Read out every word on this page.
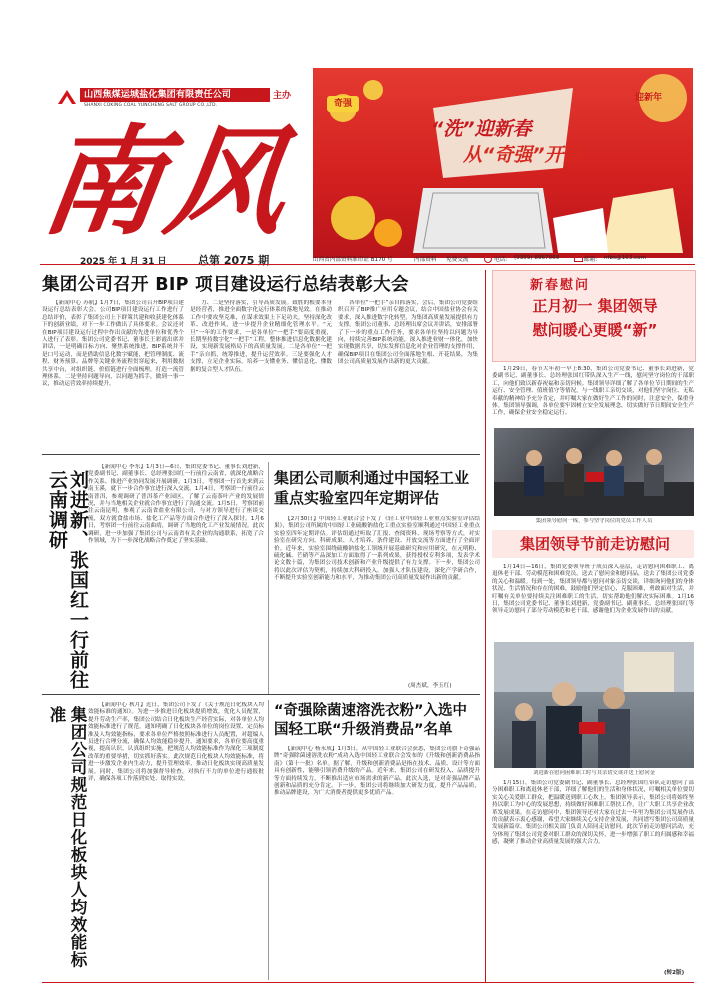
山西焦煤运城盐化集团有限责任公司
SHANXI COKING COAL YUNCHENG SALT GROUP CO.,LTD.
主办
南风
奇强
迎新年
“洗”迎新春
从“奇强”开始
2025 年 1 月 31 日	总第 2075 期	山西省内部资料准印证 B170 号	内部资料 免费交流	电话: (0359) 8967069	邮箱: nfbs@163.com
集团公司召开 BIP 项目建设运行总结表彰大会

【新闻中心 苏航】1月7日，集团公司召开BIP项目建设运行总结表彰大会。公司BIP项目建设运行工作进行了总结评价，表彰了集团公司上下群策共建和收获建化体系下的创新业绩，对下一步工作做出了具体要求。会议还对在BIP项目建设运行过程中作出贡献的先进单位和优秀个人进行了表彰。集团公司党委书记、董事长王彩霞出席并讲话，一是明确目标方向、聚焦系统推进，BIP系统并不是口号运动，而是借助信息化数字赋能，把管理制度、流程、财务预算、品牌等关键业务流程贯穿起来，利用数据共享中台，对组织链、价值链进行全面梳理，打造一流管理体系。二是坚持问题导向，以问题为抓手，做到一事一议，推动运营效率持续提升。

力、二是坚持落实，引导高质发展。致胜的根要本身是经营者，推进全面数字化运行体系的落地见效。在推动工作中要攻坚克难，在谋求效果上下足功夫，坚持深化改革、改进作风，进一步提升企业精细化管理水平。“元旦”一年的工作要求，一是各单位“一把手”要高度重视，长期坚持数字化“一把手”工程，整体推进信息化数据化建设，实现新发展格局下的高质量发展。二是各单位“一把手”亲自抓，统筹推进，提升运营效率。三是要强化人才支撑，立足企业实际，培养一支懂业务、懂信息化、懂数据的复合型人才队伍。

各单位“一把手”亲自抓落实，会后，集团公司党委组织召开了BIP推广应用专题会议，结合中国盐业协会有关要求，深入推进数字化转型，为集团高质量发展提供有力支撑。集团公司董事、总经理出席会议并讲话，安排部署了下一步的重点工作任务，要求各单位坚持以问题为导向，持续完善BIP系统功能，深入推进业财一体化，加快实现数据共享，切实发挥信息化对企业管理的支撑作用，确保BIP项目在集团公司全面落地生根、开花结果，为集团公司高质量发展作出新的更大贡献。

刘进新、张国红一行前往云南调研

【新闻中心 李东】1月3日—6日，集团党委书记、董事长刘进新，党委副书记、副董事长、总经理张国红一行前往云南省，就深化战略合作关系、推进产业协同发展开展调研。1月3日，考察团一行首先来到云南玉溪，就下一步合作事宜进行深入交流。1月4日，考察团一行前往云南普洱，参观调研了普洱茶产业园区，了解了云南茶叶产业的发展情况，并与当地相关企业就合作事宜进行了沟通交流。1月5日，考察团前往云南昆明，参观了云南省盐业有限公司，与对方领导进行了座谈交流，双方就食盐市场、盐化工产品等方面合作进行了深入探讨。1月6日，考察团一行前往云南曲靖，调研了当地的化工产业发展情况。此次调研，进一步加强了集团公司与云南省有关企业的沟通联系，拓宽了合作领域，为下一步深化战略合作奠定了坚实基础。

集团公司顺利通过中国轻工业重点实验室四年定期评估

【2月30日】中国轻工业联合会下发了《轻工业中国轻工业重点实验室评估结果》，集团公司所属的中国轻工业硫酸钠盐化工重点实验室顺利通过中国轻工业重点实验室四年定期评估。评估组通过听取了汇报、查阅资料、现场考察等方式，对实验室在研究方向、科研成果、人才培养、条件建设、开放交流等方面进行了全面评价。近年来，实验室围绕硫酸钠盐化工领域开展基础研究和应用研究，在元明粉、硫化碱、芒硝等产品深加工方面取得了一系列成果，获得授权专利多项，发表学术论文数十篇，为集团公司技术创新和产业升级提供了有力支撑。下一步，集团公司将以此次评估为契机，持续加大科研投入，加强人才队伍建设，深化产学研合作，不断提升实验室创新能力和水平，为推动集团公司高质量发展作出新的贡献。

(周杰斌，李玉红)
集团公司规范日化板块人均效能标准

【新闻中心 秋月】近日，集团公司下发了《关于规范日化板块人均效能标准的通知》。为进一步推进日化板块提质增效，优化人员配置，提升劳动生产率，集团公司结合日化板块生产经营实际，对各单位人均效能标准进行了规范。通知明确了日化板块各单位的岗位设置、定员标准及人均效能指标，要求各单位严格按照标准进行人员配置，对超编人员进行合理分流，确保人均效能稳步提升。通知要求，各单位要高度重视，提高认识，认真组织实施，把规范人均效能标准作为深化三项制度改革的重要举措，切实抓好落实。此次规范日化板块人均效能标准，将进一步激发企业内生动力，提升管理效率，推动日化板块实现高质量发展。同时，集团公司将加强督导检查，对执行不力的单位进行通报批评，确保各项工作落到实处、取得实效。

“奇强除菌速溶洗衣粉”入选中国轻工联“升级消费品”名单

【新闻中心 杨永成】1月3日，从中国轻工业联合会获悉，集团公司旗下奇强品牌“奇强除菌速溶洗衣粉”成功入选中国轻工业联合会发布的《升级和创新消费品指南》（第十一批）名单。据了解，升级和创新消费品是指在技术、品质、设计等方面具有创新性，能够引领消费升级的产品。近年来，集团公司在研发投入、品质提升等方面持续发力，不断推出适应市场需求的新产品。此次入选，是对奇强品牌产品创新和品质的充分肯定。下一步，集团公司将继续加大研发力度，提升产品品质，推动品牌建设，为广大消费者提供更多优质产品。

新春慰问
正月初一 集团领导
慰问暖心更暖“新”

1月29日，春节大年初一早上8:30，集团公司党委书记、董事长刘进新，党委副书记、副董事长、总经理张国红带队深入生产一线，慰问坚守岗位的干部职工，向他们致以新春祝福和亲切问候。集团领导详细了解了各单位节日期间的生产运行、安全管理、值班值守等情况，与一线职工亲切交谈，对他们坚守岗位、无私奉献的精神给予充分肯定，并叮嘱大家在做好生产工作的同时，注意安全，保重身体。集团领导强调，各单位要牢固树立安全发展理念，切实做好节日期间安全生产工作，确保企业安全稳定运行。

集团领导慰问一线、参与坚守岗位的党员工作人员
集团领导节前走访慰问

1月14日—16日，集团党委领导班子成员深入基层，走访慰问困难职工、离退休老干部、劳动模范和困难党员，送去了慰问金和慰问品，送去了集团公司党委的关心和温暖。每到一处，集团领导都与慰问对象亲切交谈，详细询问他们的身体状况、生活情况和存在的困难，鼓励他们坚定信心，克服困难，勇敢面对生活，并叮嘱有关单位要持续关注困难职工的生活，切实帮助他们解决实际困难。1月16日，集团公司党委书记、董事长刘进新，党委副书记、副董事长、总经理张国红等领导走访慰问了部分劳动模范和老干部，感谢他们为企业发展作出的贡献。

刘进新在慰问困难职工时与其亲切交谈并送上慰问金

1月15日，集团公司党委副书记、副董事长、总经理张国红带队走访慰问了部分困难职工和离退休老干部，详细了解他们的生活和身体状况，叮嘱相关单位要切实关心关爱职工群众，把温暖送到职工心坎上。集团领导表示，集团公司将始终坚持以职工为中心的发展思想，持续做好困难职工帮扶工作，让广大职工共享企业改革发展成果。在走访慰问中，集团领导还对大家在过去一年里为集团公司发展作出的贡献表示衷心感谢，希望大家继续关心支持企业发展，共同谱写集团公司高质量发展新篇章。集团公司相关部门负责人陪同走访慰问。此次节前走访慰问活动，充分体现了集团公司党委对职工群众的深切关怀，进一步增强了职工的归属感和幸福感，凝聚了推动企业高质量发展的强大合力。

(转2版)
